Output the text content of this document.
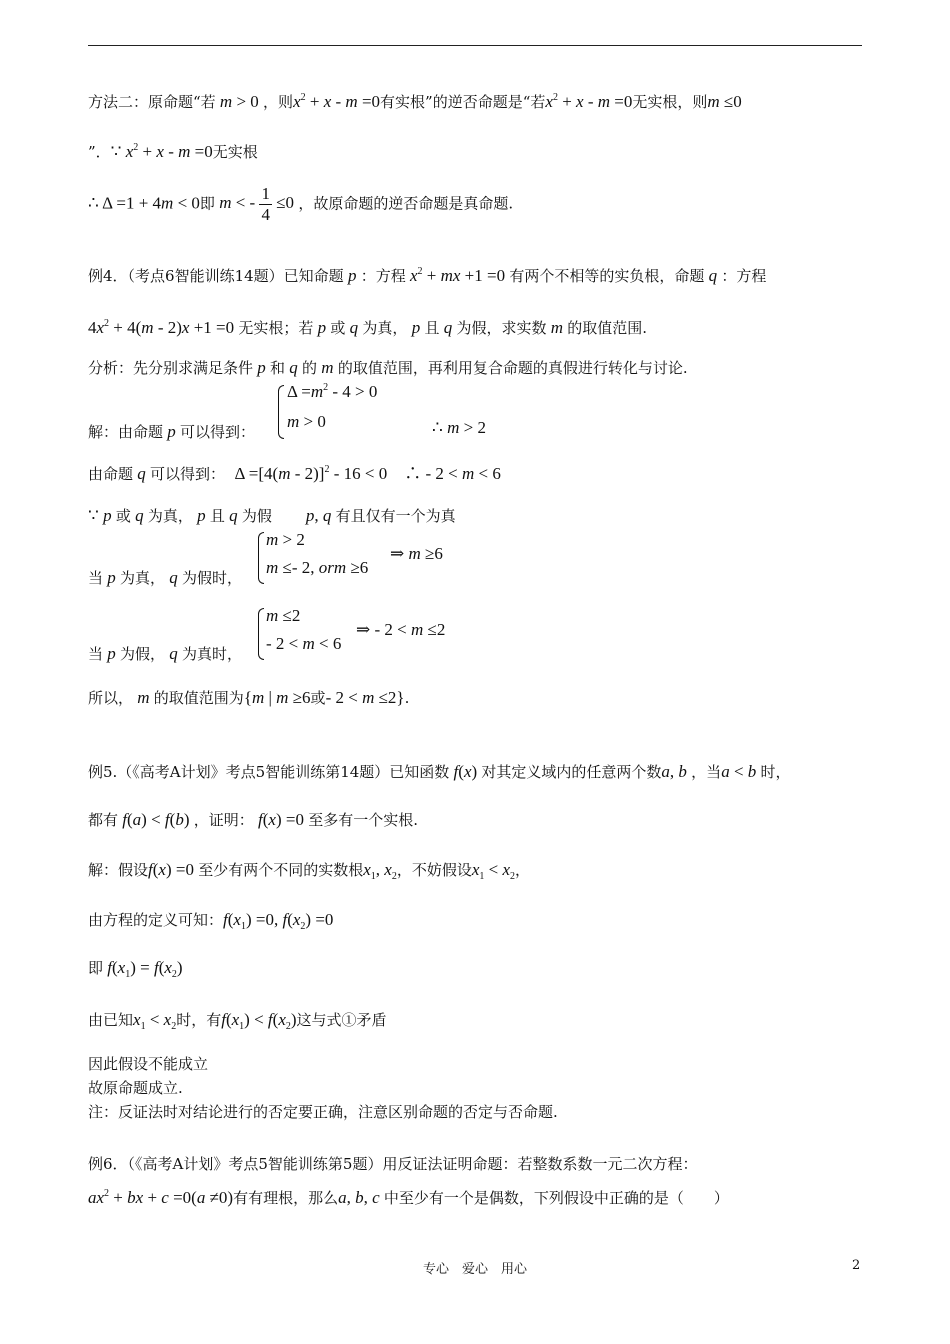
方法二：原命题“若 m > 0 ，则$x^2 + x - m =0$有实根”的逆否命题是“若$x^2 + x - m =0$无实根，则m ≤0
”．∵ $x^2 + x - m =0$无实根
∴ Δ =1 + 4m < 0即 m < - $\frac{1}{4} \le 0$ ，故原命题的逆否命题是真命题.
例4．（考点6智能训练14题）已知命题 p ：方程 $x^2$ + mx +1 =0 有两个不相等的实负根，命题 q ：方程
$4x^2 + 4(m - 2)x +1 =0$ 无实根；若 p 或 q 为真， p 且 q 为假，求实数 m 的取值范围.
分析：先分别求满足条件 p 和 q 的 m 的取值范围，再利用复合命题的真假进行转化与讨论.
$\Delta =m^2 - 4 > 0$
m > 0
解：由命题 p 可以得到：	∴ m > 2
由命题 q 可以得到：　Δ =[4(m - 2)]$^2$ - 16 < 0　∴ - 2 < m < 6
∵ p 或 q 为真， p 且 q 为假　　 p, q 有且仅有一个为真
m > 2
m ≤- 2, orm ≥6
⇒ m ≥6
当 p 为真， q 为假时，
m ≤2
- 2 < m < 6
⇒ - 2 < m ≤2
当 p 为假， q 为真时，
所以， m 的取值范围为{m | m ≥6或- 2 < m ≤2}.
例5.（《高考A计划》考点5智能训练第14题）已知函数 f(x) 对其定义域内的任意两个数a, b ，当a < b 时，
都有 f(a) < f(b) ，证明： f(x) =0 至多有一个实根.
解：假设f(x) =0 至少有两个不同的实数根$x_1$, $x_2$，不妨假设$x_1 < x_2$，
由方程的定义可知：$f(x_1) =0$, $f(x_2) =0$
即 $f(x_1) = f(x_2)$
由已知$x_1 < x_2$时，有$f(x_1) < f(x_2)$这与式①矛盾
因此假设不能成立
故原命题成立.
注：反证法时对结论进行的否定要正确，注意区别命题的否定与否命题.
例6．（《高考A计划》考点5智能训练第5题）用反证法证明命题：若整数系数一元二次方程：
$ax^2$ + bx + c =0(a ≠0)有有理根，那么a, b, c 中至少有一个是偶数，下列假设中正确的是（　　）
专心　爱心　用心	2
